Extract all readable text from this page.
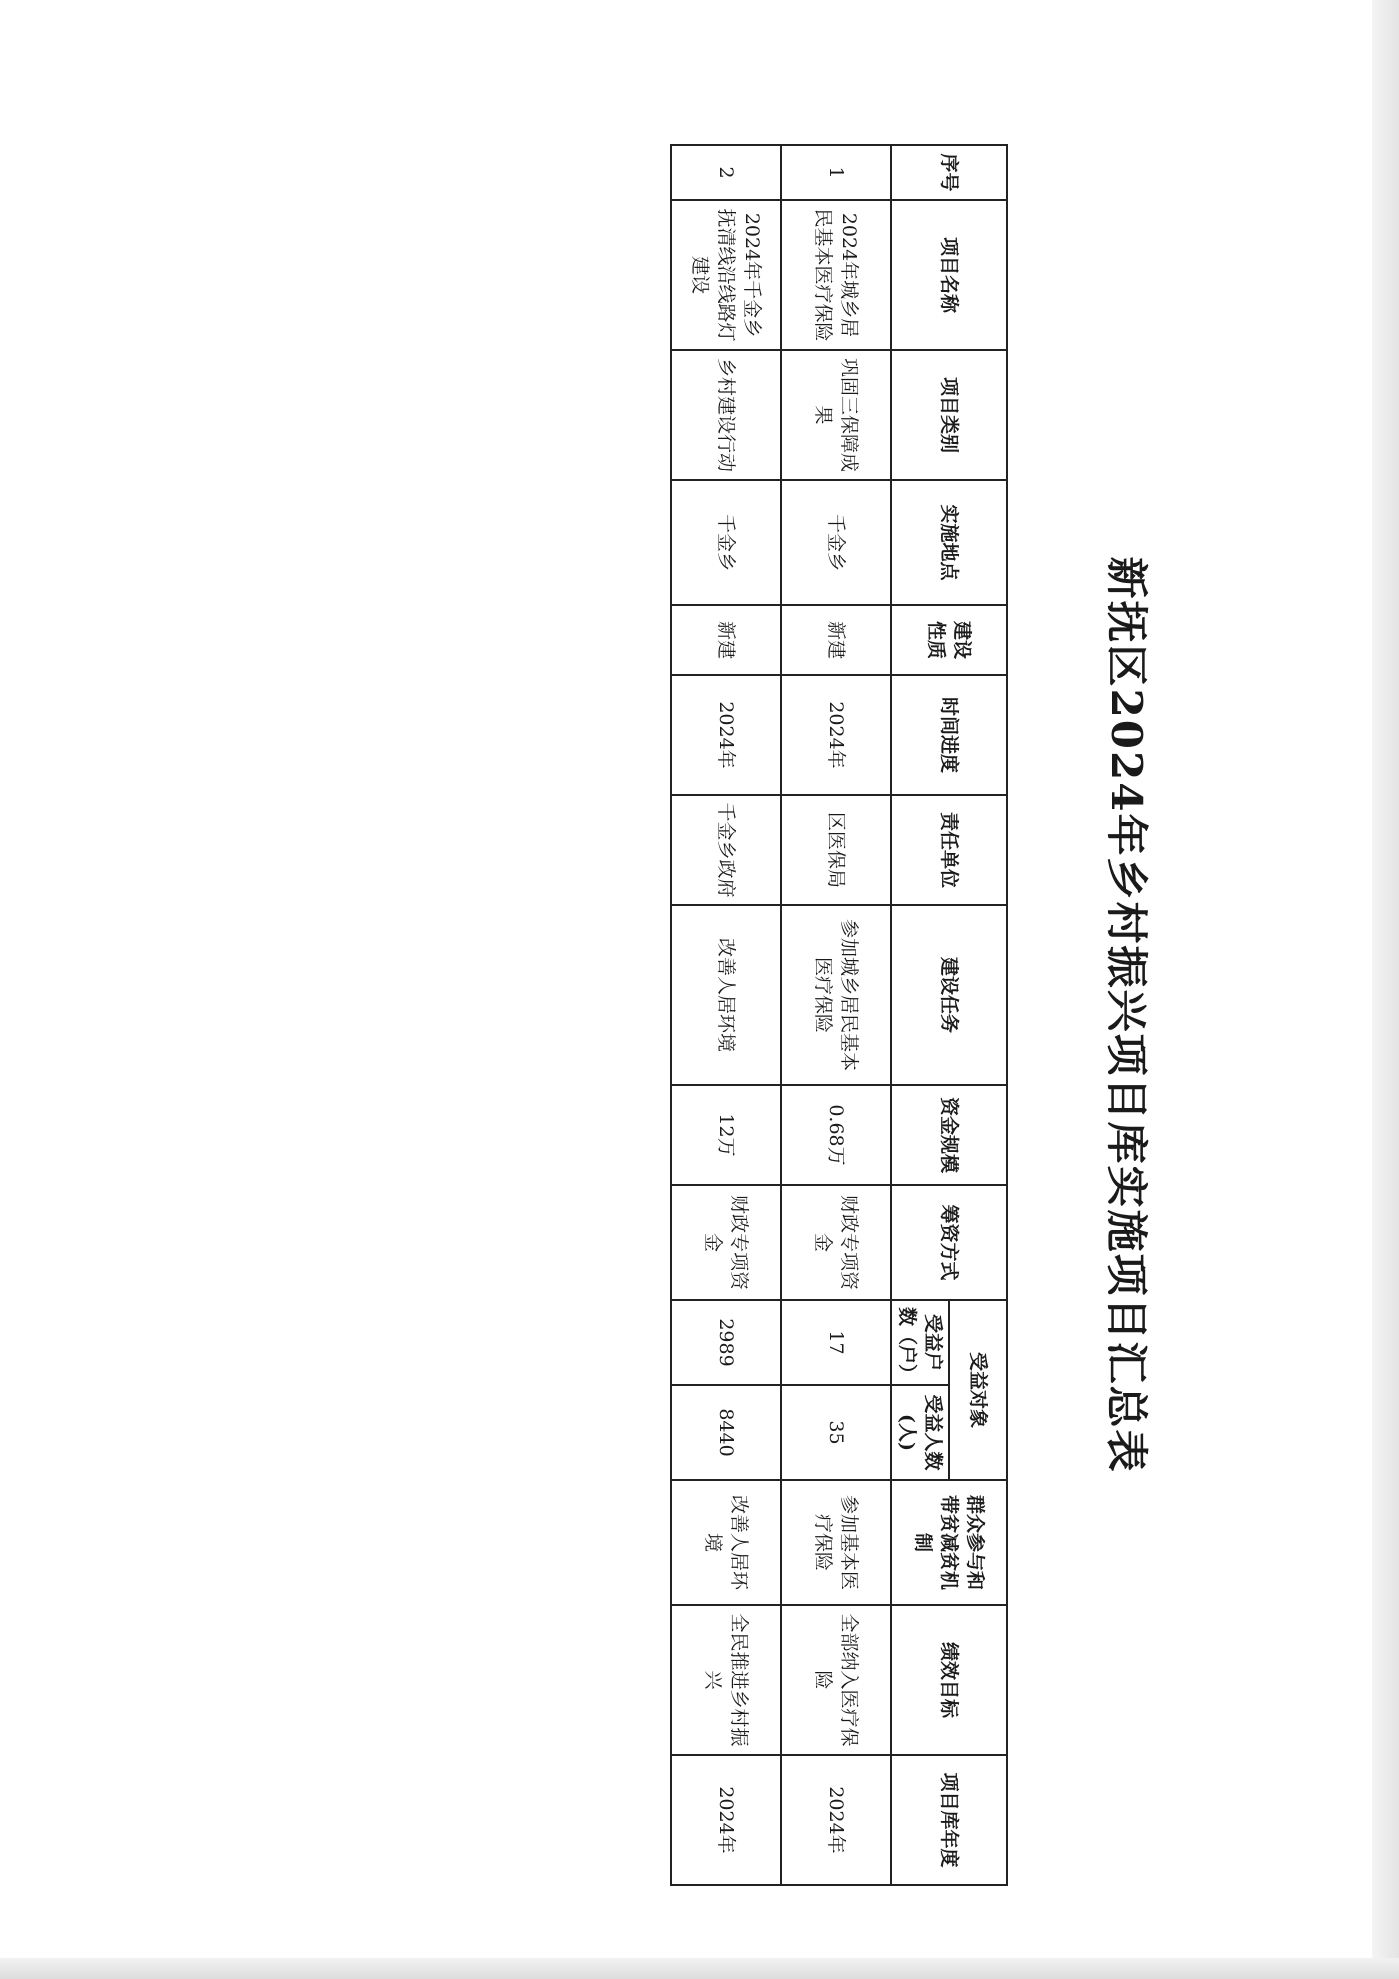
新抚区2024年乡村振兴项目库实施项目汇总表
序号	项目名称	项目类别	实施地点	建设性质	时间进度	责任单位	建设任务	资金规模	筹资方式	受益对象		群众参与和带贫减贫机制	绩效目标	项目库年度
										受益户数（户）	受益人数(人)			
1	2024年城乡居民基本医疗保险	巩固三保障成果	千金乡	新建	2024年	区医保局	参加城乡居民基本医疗保险	0.68万	财政专项资金	17	35	参加基本医疗保险	全部纳入医疗保险	2024年
2	2024年千金乡抚清线沿线路灯建设	乡村建设行动	千金乡	新建	2024年	千金乡政府	改善人居环境	12万	财政专项资金	2989	8440	改善人居环境	全民推进乡村振兴	2024年
